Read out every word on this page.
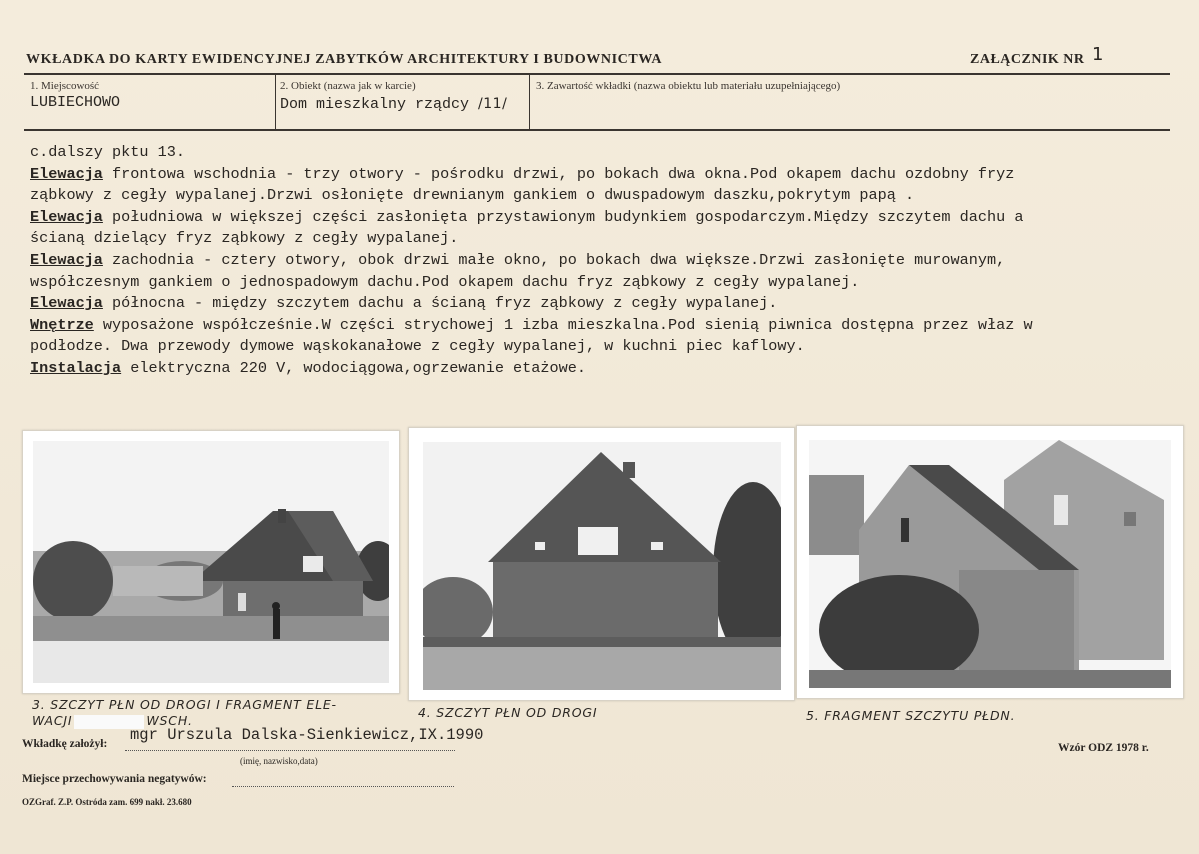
WKŁADKA DO KARTY EWIDENCYJNEJ ZABYTKÓW ARCHITEKTURY I BUDOWNICTWA	ZAŁĄCZNIK NR 1
1. Miejscowość
LUBIECHOWO
2. Obiekt (nazwa jak w karcie)
Dom mieszkalny rządcy /11/
3. Zawartość wkładki (nazwa obiektu lub materiału uzupełniającego)
c.dalszy pktu 13.
Elewacja frontowa wschodnia - trzy otwory - pośrodku drzwi, po bokach dwa okna.Pod okapem dachu ozdobny fryz
ząbkowy z cegły wypalanej.Drzwi osłonięte drewnianym gankiem o dwuspadowym daszku,pokrytym papą .
Elewacja południowa w większej części zasłonięta przystawionym budynkiem gospodarczym.Między szczytem dachu a
ścianą dzielący fryz ząbkowy z cegły wypalanej.
Elewacja zachodnia - cztery otwory, obok drzwi małe okno, po bokach dwa większe.Drzwi zasłonięte murowanym,
współczesnym gankiem o jednospadowym dachu.Pod okapem dachu fryz ząbkowy z cegły wypalanej.
Elewacja północna - między szczytem dachu a ścianą fryz ząbkowy z cegły wypalanej.
Wnętrze wyposażone współcześnie.W części strychowej 1 izba mieszkalna.Pod sienią piwnica dostępna przez właz w
podłodze. Dwa przewody dymowe wąskokanałowe z cegły wypalanej, w kuchni piec kaflowy.
Instalacja elektryczna 220 V, wodociągowa,ogrzewanie etażowe.
3. SZCZYT PŁN OD DROGI I FRAGMENT ELE-
WACJI	WSCH.
4. SZCZYT PŁN OD DROGI	5. FRAGMENT SZCZYTU PŁDN.
Wkładkę założył: mgr Urszula Dalska-Sienkiewicz,IX.1990
(imię, nazwisko,data)
Miejsce przechowywania negatywów:
OZGraf. Z.P. Ostróda zam. 699 nakł. 23.680
Wzór ODZ 1978 r.
